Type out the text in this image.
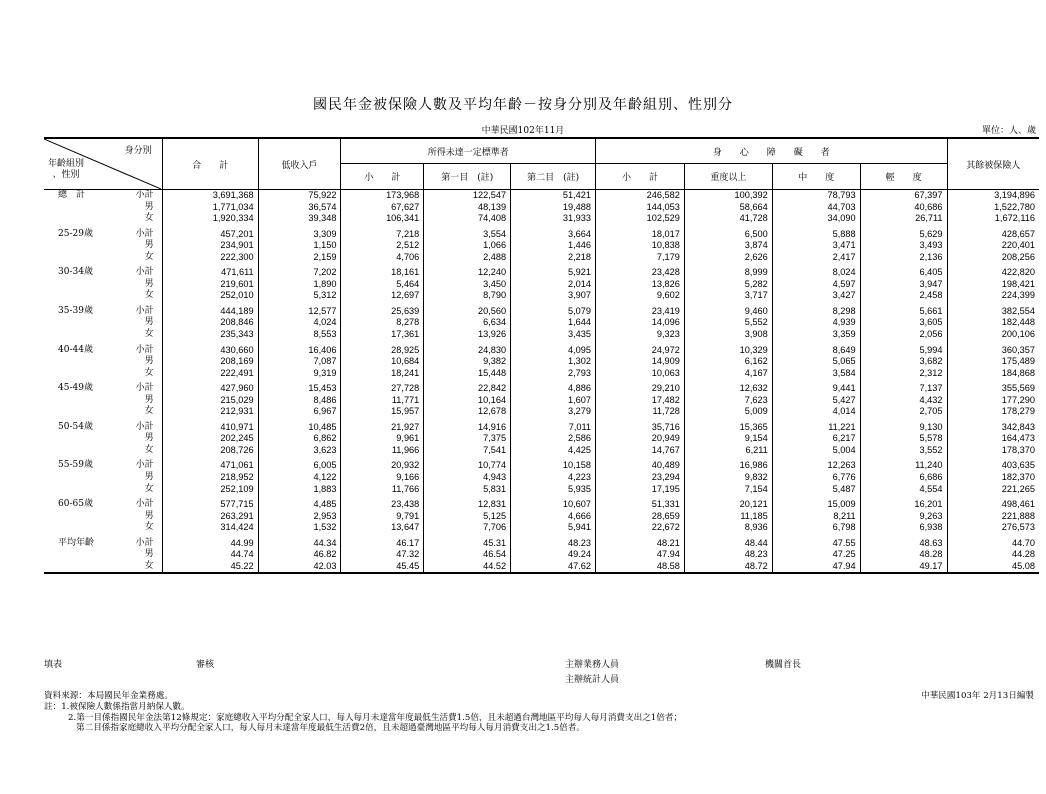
國民年金被保險人數及平均年齡－按身分別及年齡組別、性別分
中華民國102年11月	單位：人、歲
身分別
年齡組別
、性別		合　　計	低收入戶	所得未達一定標準者			身　　心　　障　　礙　　者				其餘被保險人
				小　　計	第一目　(註)	第二目　(註)	小　　計	重度以上	中　　度	輕　　度	
總　計	小計	3,691,368	75,922	173,968	122,547	51,421	246,582	100,392	78,793	67,397	3,194,896
	男	1,771,034	36,574	67,627	48,139	19,488	144,053	58,664	44,703	40,686	1,522,780
	女	1,920,334	39,348	106,341	74,408	31,933	102,529	41,728	34,090	26,711	1,672,116
25-29歲	小計	457,201	3,309	7,218	3,554	3,664	18,017	6,500	5,888	5,629	428,657
	男	234,901	1,150	2,512	1,066	1,446	10,838	3,874	3,471	3,493	220,401
	女	222,300	2,159	4,706	2,488	2,218	7,179	2,626	2,417	2,136	208,256
30-34歲	小計	471,611	7,202	18,161	12,240	5,921	23,428	8,999	8,024	6,405	422,820
	男	219,601	1,890	5,464	3,450	2,014	13,826	5,282	4,597	3,947	198,421
	女	252,010	5,312	12,697	8,790	3,907	9,602	3,717	3,427	2,458	224,399
35-39歲	小計	444,189	12,577	25,639	20,560	5,079	23,419	9,460	8,298	5,661	382,554
	男	208,846	4,024	8,278	6,634	1,644	14,096	5,552	4,939	3,605	182,448
	女	235,343	8,553	17,361	13,926	3,435	9,323	3,908	3,359	2,056	200,106
40-44歲	小計	430,660	16,406	28,925	24,830	4,095	24,972	10,329	8,649	5,994	360,357
	男	208,169	7,087	10,684	9,382	1,302	14,909	6,162	5,065	3,682	175,489
	女	222,491	9,319	18,241	15,448	2,793	10,063	4,167	3,584	2,312	184,868
45-49歲	小計	427,960	15,453	27,728	22,842	4,886	29,210	12,632	9,441	7,137	355,569
	男	215,029	8,486	11,771	10,164	1,607	17,482	7,623	5,427	4,432	177,290
	女	212,931	6,967	15,957	12,678	3,279	11,728	5,009	4,014	2,705	178,279
50-54歲	小計	410,971	10,485	21,927	14,916	7,011	35,716	15,365	11,221	9,130	342,843
	男	202,245	6,862	9,961	7,375	2,586	20,949	9,154	6,217	5,578	164,473
	女	208,726	3,623	11,966	7,541	4,425	14,767	6,211	5,004	3,552	178,370
55-59歲	小計	471,061	6,005	20,932	10,774	10,158	40,489	16,986	12,263	11,240	403,635
	男	218,952	4,122	9,166	4,943	4,223	23,294	9,832	6,776	6,686	182,370
	女	252,109	1,883	11,766	5,831	5,935	17,195	7,154	5,487	4,554	221,265
60-65歲	小計	577,715	4,485	23,438	12,831	10,607	51,331	20,121	15,009	16,201	498,461
	男	263,291	2,953	9,791	5,125	4,666	28,659	11,185	8,211	9,263	221,888
	女	314,424	1,532	13,647	7,706	5,941	22,672	8,936	6,798	6,938	276,573
平均年齡	小計	44.99	44.34	46.17	45.31	48.23	48.21	48.44	47.55	48.63	44.70
	男	44.74	46.82	47.32	46.54	49.24	47.94	48.23	47.25	48.28	44.28
	女	45.22	42.03	45.45	44.52	47.62	48.58	48.72	47.94	49.17	45.08
填表	審核	主辦業務人員	機關首長
主辦統計人員
資料來源：本局國民年金業務處。	中華民國103年 2月13日編製
註：1.被保險人數係指當月納保人數。
2.第一目係指國民年金法第12條規定：家庭總收入平均分配全家人口，每人每月未達當年度最低生活費1.5倍，且未超過台灣地區平均每人每月消費支出之1倍者；
第二目係指家庭總收入平均分配全家人口，每人每月未達當年度最低生活費2倍，且未超過臺灣地區平均每人每月消費支出之1.5倍者。
